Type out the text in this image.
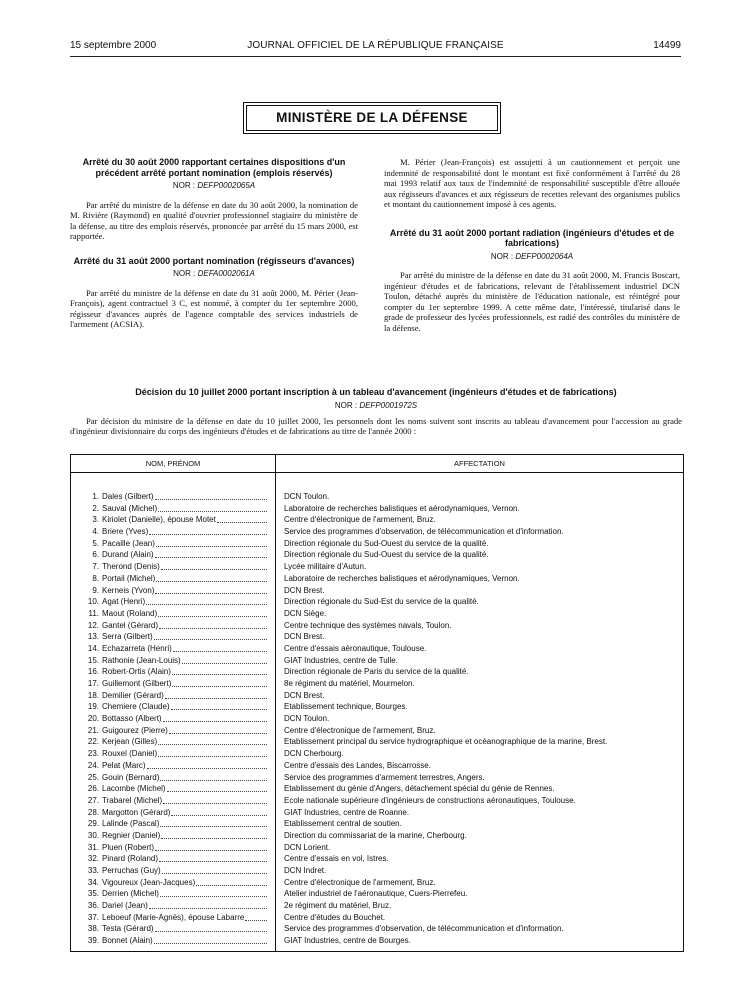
JOURNAL OFFICIEL DE LA RÉPUBLIQUE FRANÇAISE
15 septembre 2000	14499
MINISTÈRE DE LA DÉFENSE

Arrêté du 30 août 2000 rapportant certaines dispositions d'un précédent arrêté portant nomination (emplois réservés)

NOR : DEFP0002065A

Par arrêté du ministre de la défense en date du 30 août 2000, la nomination de M. Rivière (Raymond) en qualité d'ouvrier professionnel stagiaire du ministère de la défense, au titre des emplois réservés, prononcée par arrêté du 15 mars 2000, est rapportée.

Arrêté du 31 août 2000 portant nomination (régisseurs d'avances)

NOR : DEFA0002061A

Par arrêté du ministre de la défense en date du 31 août 2000, M. Périer (Jean-François), agent contractuel 3 C, est nommé, à compter du 1er septembre 2000, régisseur d'avances auprès de l'agence comptable des services industriels de l'armement (ACSIA).

M. Périer (Jean-François) est assujetti à un cautionnement et perçoit une indemnité de responsabilité dont le montant est fixé conformément à l'arrêté du 28 mai 1993 relatif aux taux de l'indemnité de responsabilité susceptible d'être allouée aux régisseurs d'avances et aux régisseurs de recettes relevant des organismes publics et montant du cautionnement imposé à ces agents.

Arrêté du 31 août 2000 portant radiation (ingénieurs d'études et de fabrications)

NOR : DEFP0002064A

Par arrêté du ministre de la défense en date du 31 août 2000, M. Francis Boscart, ingénieur d'études et de fabrications, relevant de l'établissement industriel DCN Toulon, détaché auprès du ministère de l'éducation nationale, est réintégré pour compter du 1er septembre 1999. A cette même date, l'intéressé, titularisé dans le grade de professeur des lycées professionnels, est radié des contrôles du ministère de la défense.

Décision du 10 juillet 2000 portant inscription à un tableau d'avancement (ingénieurs d'études et de fabrications)

NOR : DEFP0001972S

Par décision du ministre de la défense en date du 10 juillet 2000, les personnels dont les noms suivent sont inscrits au tableau d'avancement pour l'accession au grade d'ingénieur divisionnaire du corps des ingénieurs d'études et de fabrications au titre de l'année 2000 :

NOM, PRÉNOM	AFFECTATION
1. Dales (Gilbert)	DCN Toulon.
2. Sauval (Michel)	Laboratoire de recherches balistiques et aérodynamiques, Vernon.
3. Kiriolet (Danielle), épouse Motet	Centre d'électronique de l'armement, Bruz.
4. Briere (Yves)	Service des programmes d'observation, de télécommunication et d'information.
5. Pacaille (Jean)	Direction régionale du Sud-Ouest du service de la qualité.
6. Durand (Alain)	Direction régionale du Sud-Ouest du service de la qualité.
7. Therond (Denis)	Lycée militaire d'Autun.
8. Portail (Michel)	Laboratoire de recherches balistiques et aérodynamiques, Vernon.
9. Kerneis (Yvon)	DCN Brest.
10. Agat (Henri)	Direction régionale du Sud-Est du service de la qualité.
11. Maout (Roland)	DCN Siège.
12. Gantel (Gérard)	Centre technique des systèmes navals, Toulon.
13. Serra (Gilbert)	DCN Brest.
14. Echazarreta (Henri)	Centre d'essais aéronautique, Toulouse.
15. Rathonie (Jean-Louis)	GIAT Industries, centre de Tulle.
16. Robert-Ortis (Alain)	Direction régionale de Paris du service de la qualité.
17. Guillemont (Gilbert)	8e régiment du matériel, Mourmelon.
18. Demilier (Gérard)	DCN Brest.
19. Chemiere (Claude)	Etablissement technique, Bourges.
20. Bottasso (Albert)	DCN Toulon.
21. Guigourez (Pierre)	Centre d'électronique de l'armement, Bruz.
22. Kerjean (Gilles)	Etablissement principal du service hydrographique et océanographique de la marine, Brest.
23. Rouxel (Daniel)	DCN Cherbourg.
24. Pelat (Marc)	Centre d'essais des Landes, Biscarrosse.
25. Gouin (Bernard)	Service des programmes d'armement terrestres, Angers.
26. Lacombe (Michel)	Etablissement du génie d'Angers, détachement spécial du génie de Rennes.
27. Trabarel (Michel)	Ecole nationale supérieure d'ingénieurs de constructions aéronautiques, Toulouse.
28. Margotton (Gérard)	GIAT Industries, centre de Roanne.
29. Lalinde (Pascal)	Etablissement central de soutien.
30. Regnier (Daniel)	Direction du commissariat de la marine, Cherbourg.
31. Pluen (Robert)	DCN Lorient.
32. Pinard (Roland)	Centre d'essais en vol, Istres.
33. Perruchas (Guy)	DCN Indret.
34. Vigoureux (Jean-Jacques)	Centre d'électronique de l'armement, Bruz.
35. Derrien (Michel)	Atelier industriel de l'aéronautique, Cuers-Pierrefeu.
36. Dariel (Jean)	2e régiment du matériel, Bruz.
37. Leboeuf (Marie-Agnès), épouse Labarre	Centre d'études du Bouchet.
38. Testa (Gérard)	Service des programmes d'observation, de télécommunication et d'information.
39. Bonnet (Alain)	GIAT Industries, centre de Bourges.
